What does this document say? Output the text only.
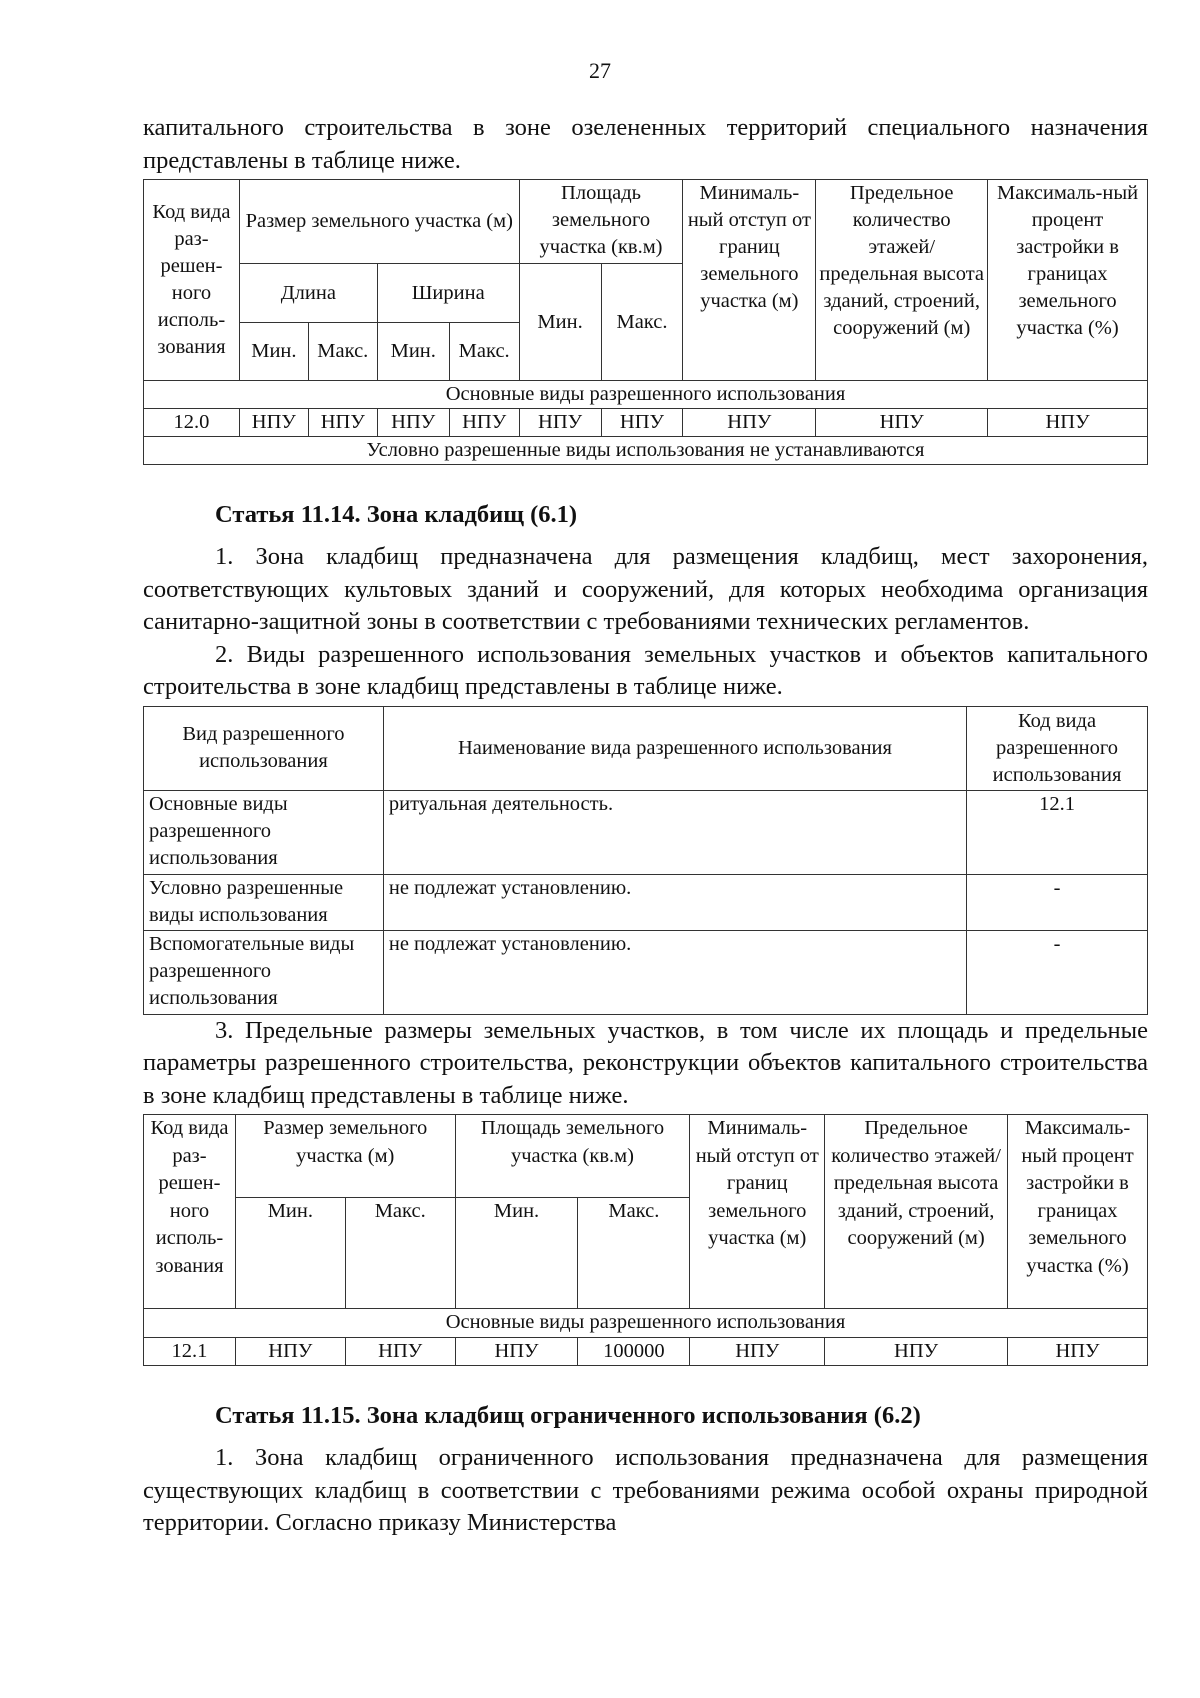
27

капитального строительства в зоне озелененных территорий специального назначения представлены в таблице ниже.

Код вида раз-решен-ного исполь-зования	Размер земельного участка (м)				Площадь земельного участка (кв.м)		Минималь-ный отступ от границ земельного участка (м)	Предельное количество этажей/ предельная высота зданий, строений, сооружений (м)	Максималь-ный процент застройки в границах земельного участка (%)
	Длина		Ширина		Мин.	Макс.			
	Мин.	Макс.	Мин.	Макс.					
Основные виды разрешенного использования									
12.0	НПУ	НПУ	НПУ	НПУ	НПУ	НПУ	НПУ	НПУ	НПУ
Условно разрешенные виды использования не устанавливаются									
Статья 11.14. Зона кладбищ (6.1)

1. Зона кладбищ предназначена для размещения кладбищ, мест захоронения, соответствующих культовых зданий и сооружений, для которых необходима организация санитарно-защитной зоны в соответствии с требованиями технических регламентов.

2. Виды разрешенного использования земельных участков и объектов капитального строительства в зоне кладбищ представлены в таблице ниже.

Вид разрешенного использования	Наименование вида разрешенного использования	Код вида разрешенного использования
Основные виды разрешенного использования	ритуальная деятельность.	12.1
Условно разрешенные виды использования	не подлежат установлению.	-
Вспомогательные виды разрешенного использования	не подлежат установлению.	-

3. Предельные размеры земельных участков, в том числе их площадь и предельные параметры разрешенного строительства, реконструкции объектов капитального строительства в зоне кладбищ представлены в таблице ниже.

Код вида раз-решен-ного исполь-зования	Размер земельного участка (м)		Площадь земельного участка (кв.м)		Минималь-ный отступ от границ земельного участка (м)	Предельное количество этажей/ предельная высота зданий, строений, сооружений (м)	Максималь-ный процент застройки в границах земельного участка (%)
	Мин.	Макс.	Мин.	Макс.			
Основные виды разрешенного использования							
12.1	НПУ	НПУ	НПУ	100000	НПУ	НПУ	НПУ
Статья 11.15. Зона кладбищ ограниченного использования (6.2)

1. Зона кладбищ ограниченного использования предназначена для размещения существующих кладбищ в соответствии с требованиями режима особой охраны природной территории. Согласно приказу Министерства
